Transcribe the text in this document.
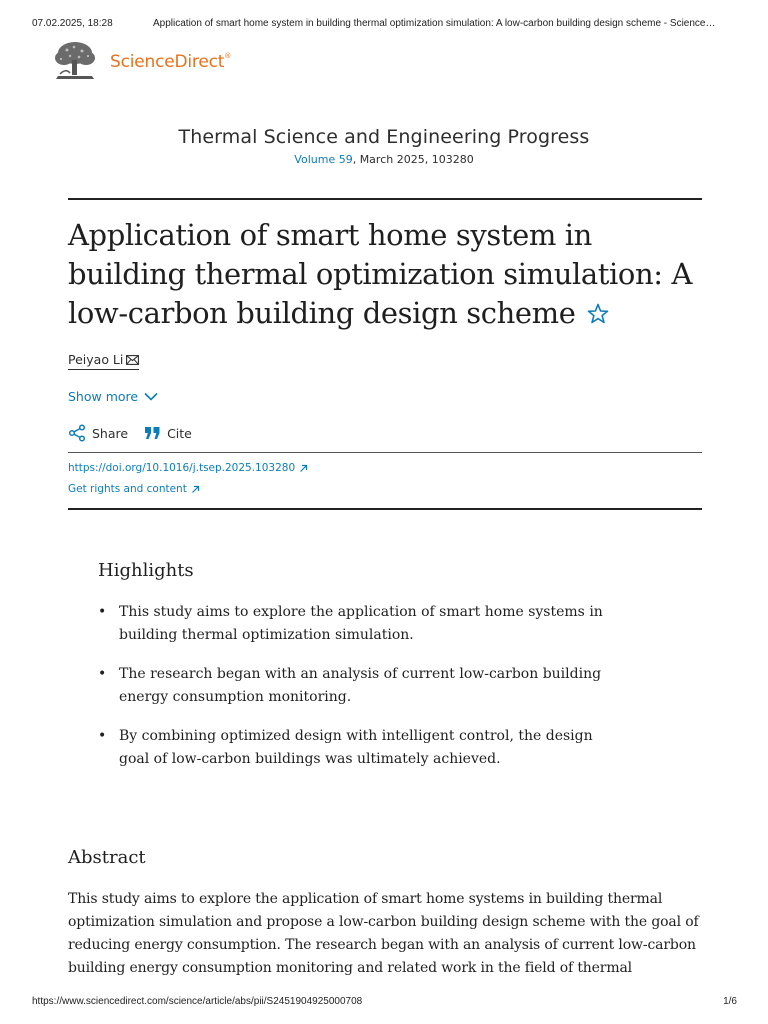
07.02.2025, 18:28	Application of smart home system in building thermal optimization simulation: A low-carbon building design scheme - Science…
ScienceDirect®
Thermal Science and Engineering Progress
Volume 59, March 2025, 103280
Application of smart home system in building thermal optimization simulation: A low-carbon building design scheme
Peiyao Li
Show more
Share	Cite
https://doi.org/10.1016/j.tsep.2025.103280
Get rights and content
Highlights
• This study aims to explore the application of smart home systems in building thermal optimization simulation.
• The research began with an analysis of current low-carbon building energy consumption monitoring.
• By combining optimized design with intelligent control, the design goal of low-carbon buildings was ultimately achieved.
Abstract

This study aims to explore the application of smart home systems in building thermal optimization simulation and propose a low-carbon building design scheme with the goal of reducing energy consumption. The research began with an analysis of current low-carbon building energy consumption monitoring and related work in the field of thermal

https://www.sciencedirect.com/science/article/abs/pii/S2451904925000708	1/6
